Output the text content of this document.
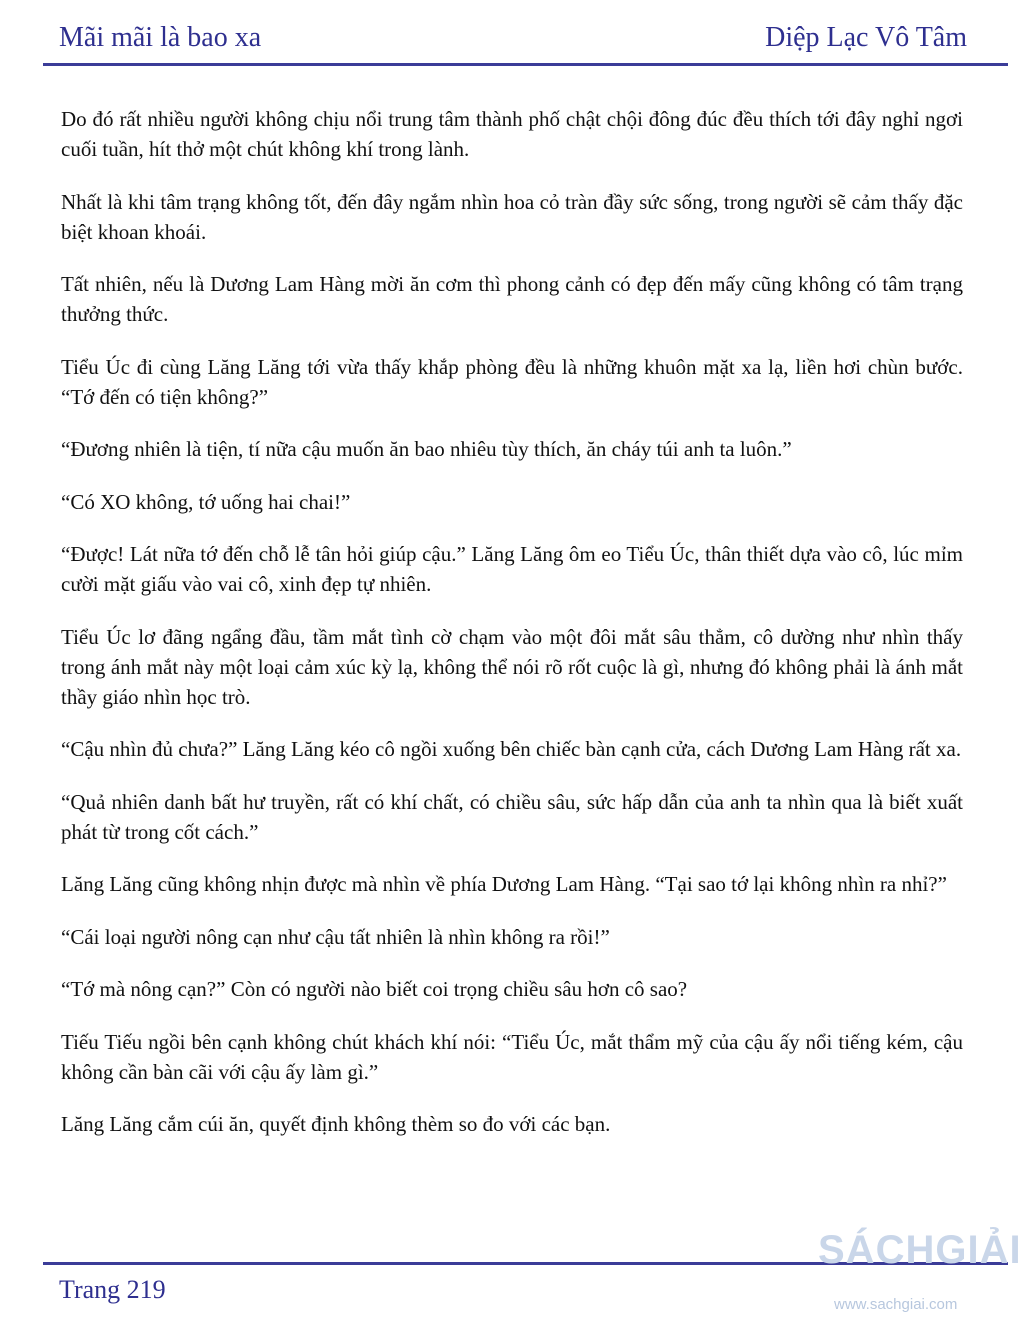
Mãi mãi là bao xa	Diệp Lạc Vô Tâm

Do đó rất nhiều người không chịu nổi trung tâm thành phố chật chội đông đúc đều thích tới đây nghỉ ngơi cuối tuần, hít thở một chút không khí trong lành.

Nhất là khi tâm trạng không tốt, đến đây ngắm nhìn hoa cỏ tràn đầy sức sống, trong người sẽ cảm thấy đặc biệt khoan khoái.

Tất nhiên, nếu là Dương Lam Hàng mời ăn cơm thì phong cảnh có đẹp đến mấy cũng không có tâm trạng thưởng thức.

Tiểu Úc đi cùng Lăng Lăng tới vừa thấy khắp phòng đều là những khuôn mặt xa lạ, liền hơi chùn bước. “Tớ đến có tiện không?”

“Đương nhiên là tiện, tí nữa cậu muốn ăn bao nhiêu tùy thích, ăn cháy túi anh ta luôn.”

“Có XO không, tớ uống hai chai!”

“Được! Lát nữa tớ đến chỗ lễ tân hỏi giúp cậu.” Lăng Lăng ôm eo Tiểu Úc, thân thiết dựa vào cô, lúc mỉm cười mặt giấu vào vai cô, xinh đẹp tự nhiên.

Tiểu Úc lơ đãng ngẩng đầu, tầm mắt tình cờ chạm vào một đôi mắt sâu thẳm, cô dường như nhìn thấy trong ánh mắt này một loại cảm xúc kỳ lạ, không thể nói rõ rốt cuộc là gì, nhưng đó không phải là ánh mắt thầy giáo nhìn học trò.

“Cậu nhìn đủ chưa?” Lăng Lăng kéo cô ngồi xuống bên chiếc bàn cạnh cửa, cách Dương Lam Hàng rất xa.

“Quả nhiên danh bất hư truyền, rất có khí chất, có chiều sâu, sức hấp dẫn của anh ta nhìn qua là biết xuất phát từ trong cốt cách.”

Lăng Lăng cũng không nhịn được mà nhìn về phía Dương Lam Hàng. “Tại sao tớ lại không nhìn ra nhỉ?”

“Cái loại người nông cạn như cậu tất nhiên là nhìn không ra rồi!”

“Tớ mà nông cạn?” Còn có người nào biết coi trọng chiều sâu hơn cô sao?

Tiếu Tiếu ngồi bên cạnh không chút khách khí nói: “Tiểu Úc, mắt thẩm mỹ của cậu ấy nổi tiếng kém, cậu không cần bàn cãi với cậu ấy làm gì.”

Lăng Lăng cắm cúi ăn, quyết định không thèm so đo với các bạn.

Trang 219
SÁCHGIẢI
www.sachgiai.com
